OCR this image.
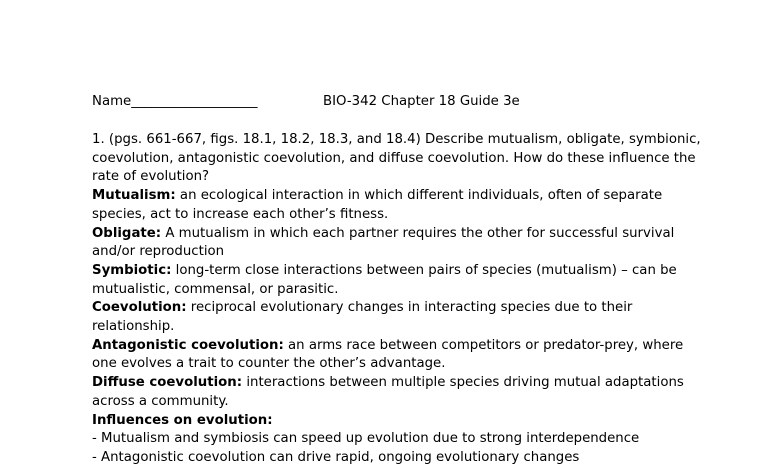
Name___________________	BIO-342 Chapter 18 Guide 3e

1. (pgs. 661-667, figs. 18.1, 18.2, 18.3, and 18.4) Describe mutualism, obligate, symbionic, coevolution, antagonistic coevolution, and diffuse coevolution. How do these influence the rate of evolution?

Mutualism: an ecological interaction in which different individuals, often of separate species, act to increase each other’s fitness.

Obligate: A mutualism in which each partner requires the other for successful survival and/or reproduction

Symbiotic: long-term close interactions between pairs of species (mutualism) – can be mutualistic, commensal, or parasitic.

Coevolution: reciprocal evolutionary changes in interacting species due to their relationship.

Antagonistic coevolution: an arms race between competitors or predator-prey, where one evolves a trait to counter the other’s advantage.

Diffuse coevolution: interactions between multiple species driving mutual adaptations across a community.

Influences on evolution:

- Mutualism and symbiosis can speed up evolution due to strong interdependence

- Antagonistic coevolution can drive rapid, ongoing evolutionary changes
